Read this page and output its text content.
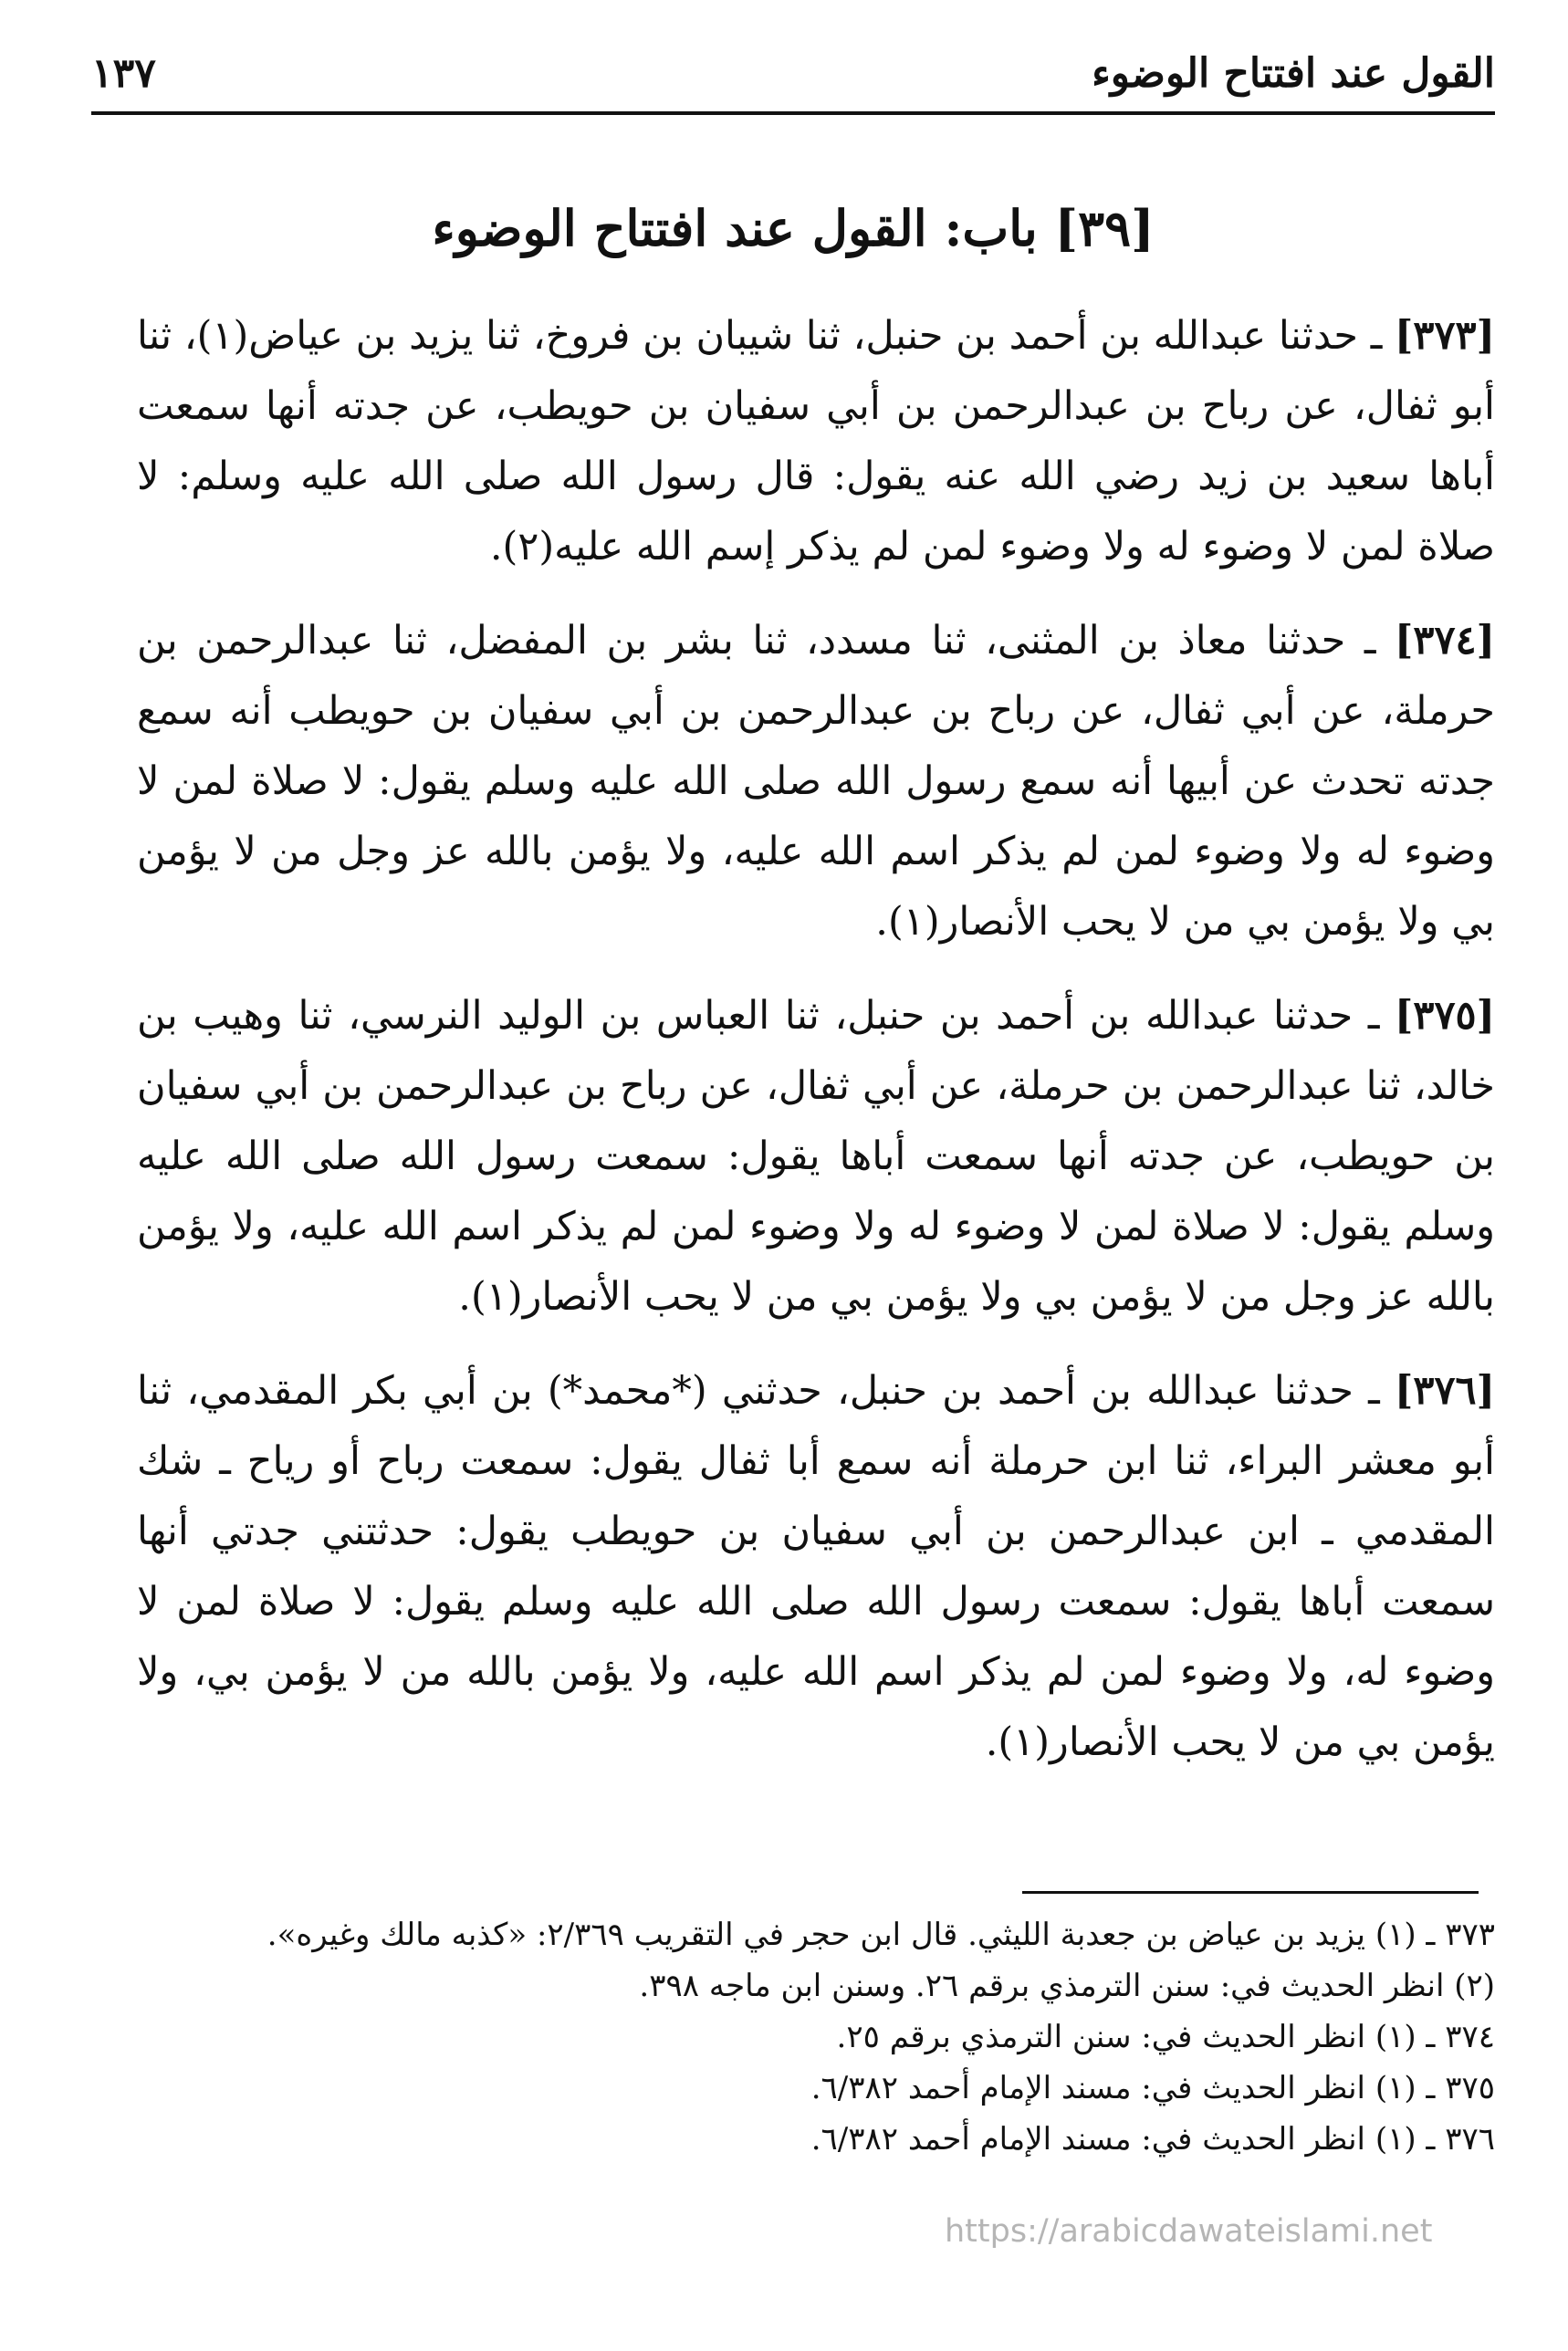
القول عند افتتاح الوضوء
١٣٧
[٣٩] باب: القول عند افتتاح الوضوء

[٣٧٣] ـ حدثنا عبدالله بن أحمد بن حنبل، ثنا شيبان بن فروخ، ثنا يزيد بن عياض(١)، ثنا أبو ثفال، عن رباح بن عبدالرحمن بن أبي سفيان بن حويطب، عن جدته أنها سمعت أباها سعيد بن زيد رضي الله عنه يقول: قال رسول الله صلى الله عليه وسلم: لا صلاة لمن لا وضوء له ولا وضوء لمن لم يذكر إسم الله عليه(٢).

[٣٧٤] ـ حدثنا معاذ بن المثنى، ثنا مسدد، ثنا بشر بن المفضل، ثنا عبدالرحمن بن حرملة، عن أبي ثفال، عن رباح بن عبدالرحمن بن أبي سفيان بن حويطب أنه سمع جدته تحدث عن أبيها أنه سمع رسول الله صلى الله عليه وسلم يقول: لا صلاة لمن لا وضوء له ولا وضوء لمن لم يذكر اسم الله عليه، ولا يؤمن بالله عز وجل من لا يؤمن بي ولا يؤمن بي من لا يحب الأنصار(١).

[٣٧٥] ـ حدثنا عبدالله بن أحمد بن حنبل، ثنا العباس بن الوليد النرسي، ثنا وهيب بن خالد، ثنا عبدالرحمن بن حرملة، عن أبي ثفال، عن رباح بن عبدالرحمن بن أبي سفيان بن حويطب، عن جدته أنها سمعت أباها يقول: سمعت رسول الله صلى الله عليه وسلم يقول: لا صلاة لمن لا وضوء له ولا وضوء لمن لم يذكر اسم الله عليه، ولا يؤمن بالله عز وجل من لا يؤمن بي ولا يؤمن بي من لا يحب الأنصار(١).

[٣٧٦] ـ حدثنا عبدالله بن أحمد بن حنبل، حدثني (*محمد*) بن أبي بكر المقدمي، ثنا أبو معشر البراء، ثنا ابن حرملة أنه سمع أبا ثفال يقول: سمعت رباح أو رياح ـ شك المقدمي ـ ابن عبدالرحمن بن أبي سفيان بن حويطب يقول: حدثتني جدتي أنها سمعت أباها يقول: سمعت رسول الله صلى الله عليه وسلم يقول: لا صلاة لمن لا وضوء له، ولا وضوء لمن لم يذكر اسم الله عليه، ولا يؤمن بالله من لا يؤمن بي، ولا يؤمن بي من لا يحب الأنصار(١).

٣٧٣ ـ (١) يزيد بن عياض بن جعدبة الليثي. قال ابن حجر في التقريب ٢/٣٦٩: «كذبه مالك وغيره».
(٢) انظر الحديث في: سنن الترمذي برقم ٢٦. وسنن ابن ماجه ٣٩٨.
٣٧٤ ـ (١) انظر الحديث في: سنن الترمذي برقم ٢٥.
٣٧٥ ـ (١) انظر الحديث في: مسند الإمام أحمد ٦/٣٨٢.
٣٧٦ ـ (١) انظر الحديث في: مسند الإمام أحمد ٦/٣٨٢.
https://arabicdawateislami.net
